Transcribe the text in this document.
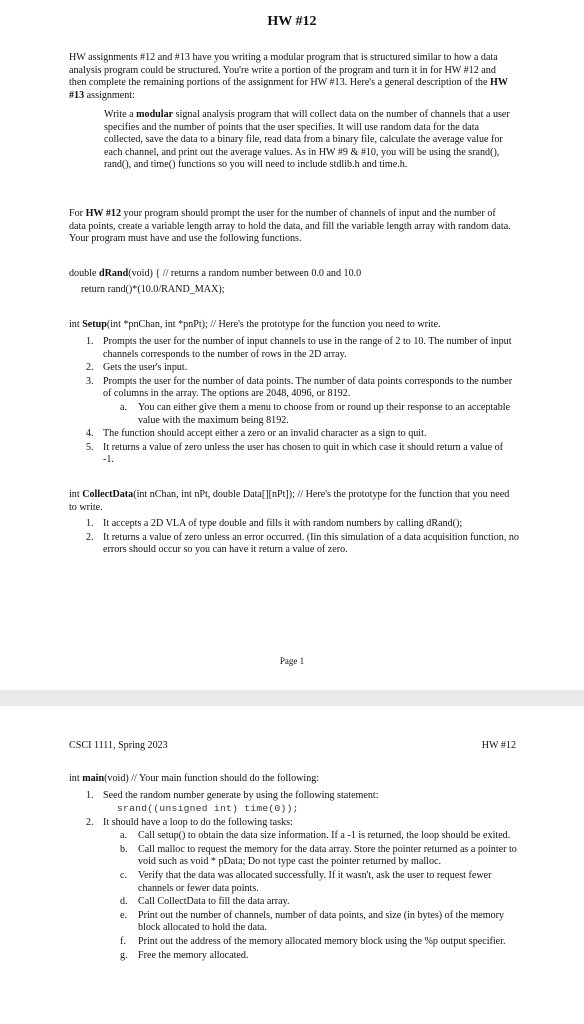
HW #12
HW assignments #12 and #13 have you writing a modular program that is structured similar to how a data analysis program could be structured. You're write a portion of the program and turn it in for HW #12 and then complete the remaining portions of the assignment for HW #13. Here's a general description of the HW #13 assignment:
Write a modular signal analysis program that will collect data on the number of channels that a user specifies and the number of points that the user specifies. It will use random data for the data collected, save the data to a binary file, read data from a binary file, calculate the average value for each channel, and print out the average values. As in HW #9 & #10, you will be using the srand(), rand(), and time() functions so you will need to include stdlib.h and time.h.
For HW #12 your program should prompt the user for the number of channels of input and the number of data points, create a variable length array to hold the data, and fill the variable length array with random data. Your program must have and use the following functions.
double dRand(void) { // returns a random number between 0.0 and 10.0
return rand()*(10.0/RAND_MAX);
int Setup(int *pnChan, int *pnPt); // Here's the prototype for the function you need to write.
1. Prompts the user for the number of input channels to use in the range of 2 to 10. The number of input channels corresponds to the number of rows in the 2D array.
2. Gets the user's input.
3. Prompts the user for the number of data points. The number of data points corresponds to the number of columns in the array. The options are 2048, 4096, or 8192.
a. You can either give them a menu to choose from or round up their response to an acceptable value with the maximum being 8192.
4. The function should accept either a zero or an invalid character as a sign to quit.
5. It returns a value of zero unless the user has chosen to quit in which case it should return a value of -1.
int CollectData(int nChan, int nPt, double Data[][nPt]); // Here's the prototype for the function that you need to write.
1. It accepts a 2D VLA of type double and fills it with random numbers by calling dRand();
2. It returns a value of zero unless an error occurred. (Iin this simulation of a data acquisition function, no errors should occur so you can have it return a value of zero.
Page 1
CSCI 1111, Spring 2023	HW #12
int main(void) // Your main function should do the following:
1. Seed the random number generate by using the following statement:
srand((unsigned int) time(0));
2. It should have a loop to do the following tasks:
a. Call setup() to obtain the data size information. If a -1 is returned, the loop should be exited.
b. Call malloc to request the memory for the data array. Store the pointer returned as a pointer to void such as void * pData; Do not type cast the pointer returned by malloc.
c. Verify that the data was allocated successfully. If it wasn't, ask the user to request fewer channels or fewer data points.
d. Call CollectData to fill the data array.
e. Print out the number of channels, number of data points, and size (in bytes) of the memory block allocated to hold the data.
f. Print out the address of the memory allocated memory block using the %p output specifier.
g. Free the memory allocated.
